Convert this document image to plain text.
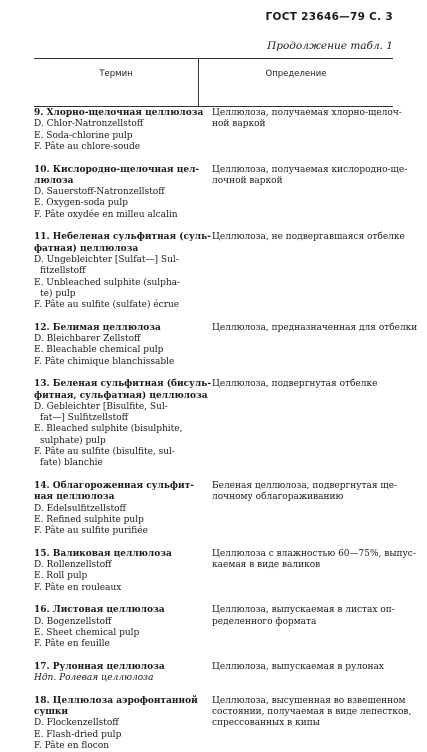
ГОСТ 23646—79 С. 3
Продолжение табл. 1
Термин	Определение
9. Хлорно-щелочная целлюлоза
D. Chlor-Natronzellstoff
E. Soda-chlorine pulp
F. Pâte au chlore-soude
10. Кислородно-щелочная цел-
люлоза
D. Sauerstoff-Natronzellstoff
E. Oxygen-soda pulp
F. Pâte oxydée en milleu alcalin
11. Небеленая сульфитная (суль-
фатная) целлюлоза
D. Ungebleichter [Sulfat—] Sul-
fitzellstoff
E. Unbleached sulphite (sulpha-
te) pulp
F. Pâte au sulfite (sulfate) écrue
12. Белимая целлюлоза
D. Bleichbarer Zellstoff
E. Bleachable chemical pulp
F. Pâte chimique blanchissable
13. Беленая сульфитная (бисуль-
фитная, сульфатная) целлюлоза
D. Gebleichter [Bisulfite, Sul-
fat—] Sulfitzellstoff
E. Bleached sulphite (bisulphite,
sulphate) pulp
F. Pâte au sulfite (bisulfite, sul-
fate) blanchie
14. Облагороженная сульфит-
ная целлюлоза
D. Edelsulfitzellstoff
E. Refined sulphite pulp
F. Pâte au sulfite purifiée
15. Валиковая целлюлоза
D. Rollenzellstoff
E. Roll pulp
F. Pâte en rouleaux
16. Листовая целлюлоза
D. Bogenzellstoff
E. Sheet chemical pulp
F. Pâte en feuille
17. Рулонная целлюлоза
Ндп. Ролевая целлюлоза
18. Целлюлоза аэрофонтанной
сушки
D. Flockenzellstoff
E. Flash-dried pulp
F. Pâte en flocon
Целлюлоза, получаемая хлорно-щелоч-
ной варкой
Целлюлоза, получаемая кислородно-ще-
лочной варкой
Целлюлоза, не подвергавшаяся отбелке
Целлюлоза, предназначенная для отбелки
Целлюлоза, подвергнутая отбелке
Беленая целлюлоза, подвергнутая ще-
лочному облагораживанию
Целлюлоза с влажностью 60—75%, выпус-
каемая в виде валиков
Целлюлоза, выпускаемая в листах оп-
ределенного формата
Целлюлоза, выпускаемая в рулонах
Целлюлоза, высушенная во взвешенном
состоянии, получаемая в виде лепестков,
спрессованных в кипы
